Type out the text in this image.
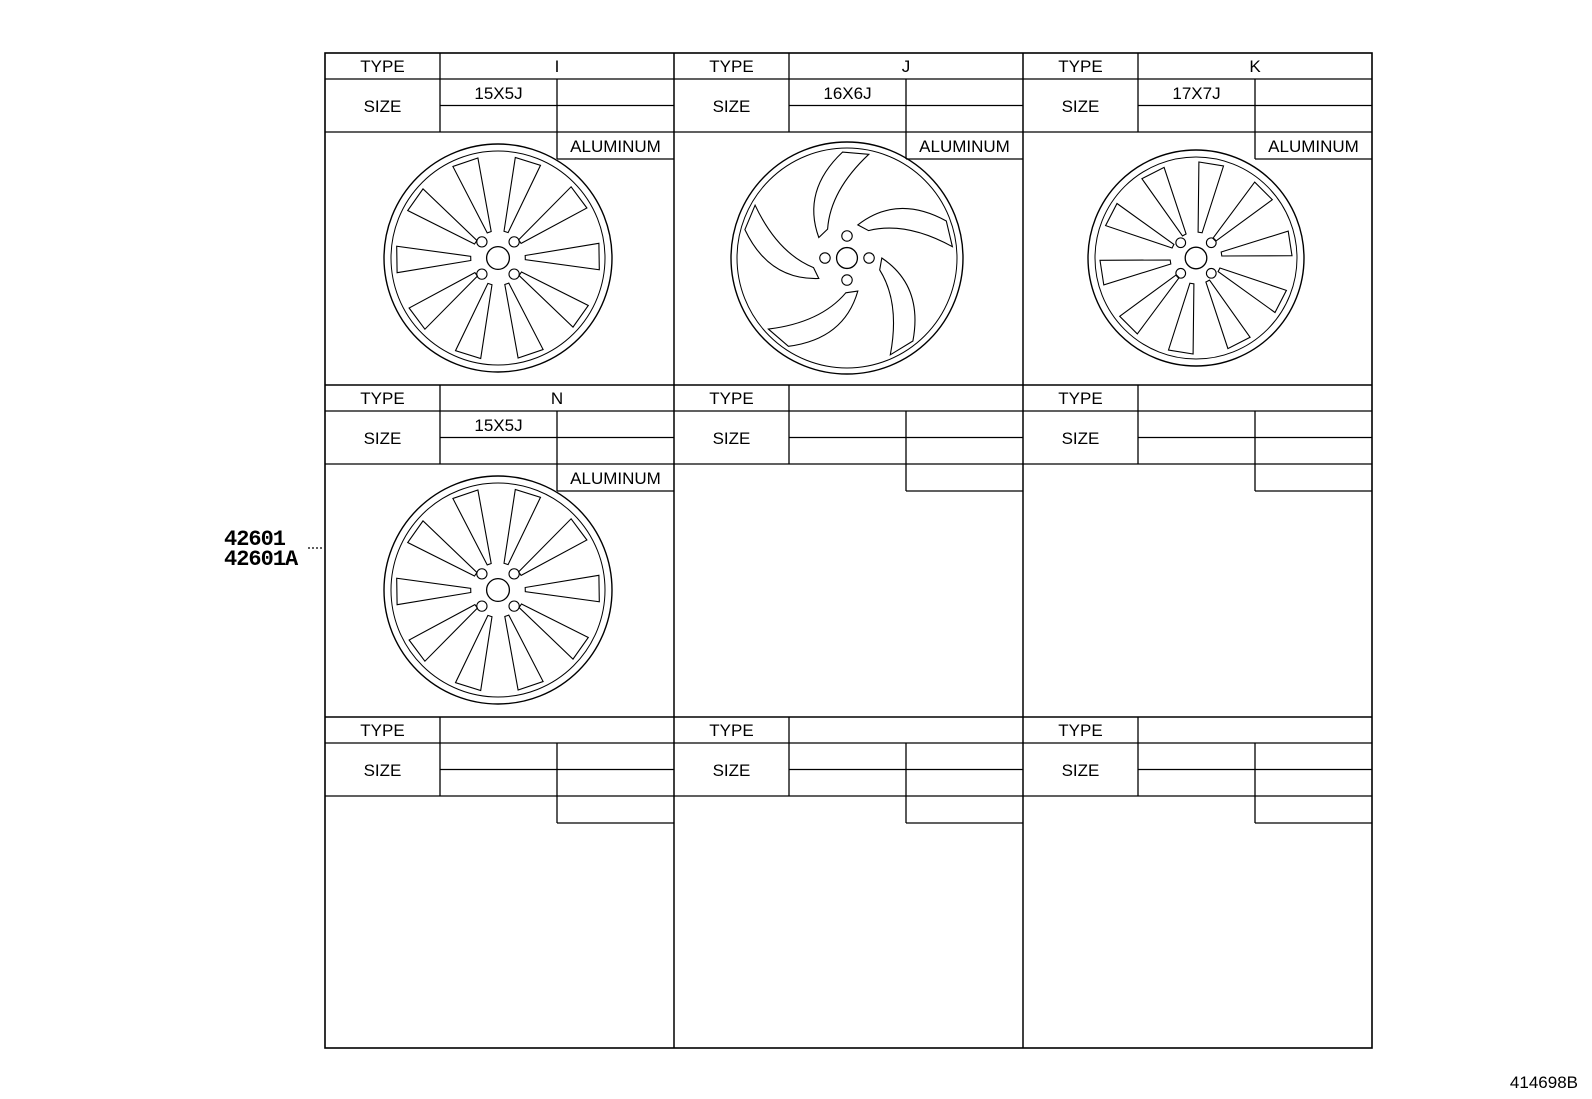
TYPE
SIZE
I
15X5J
ALUMINUM
TYPE
SIZE
J
16X6J
ALUMINUM
TYPE
SIZE
K
17X7J
ALUMINUM
TYPE
SIZE
N
15X5J
ALUMINUM
TYPE
SIZE
TYPE
SIZE
TYPE
SIZE
TYPE
SIZE
TYPE
SIZE
42601
42601A
414698B
